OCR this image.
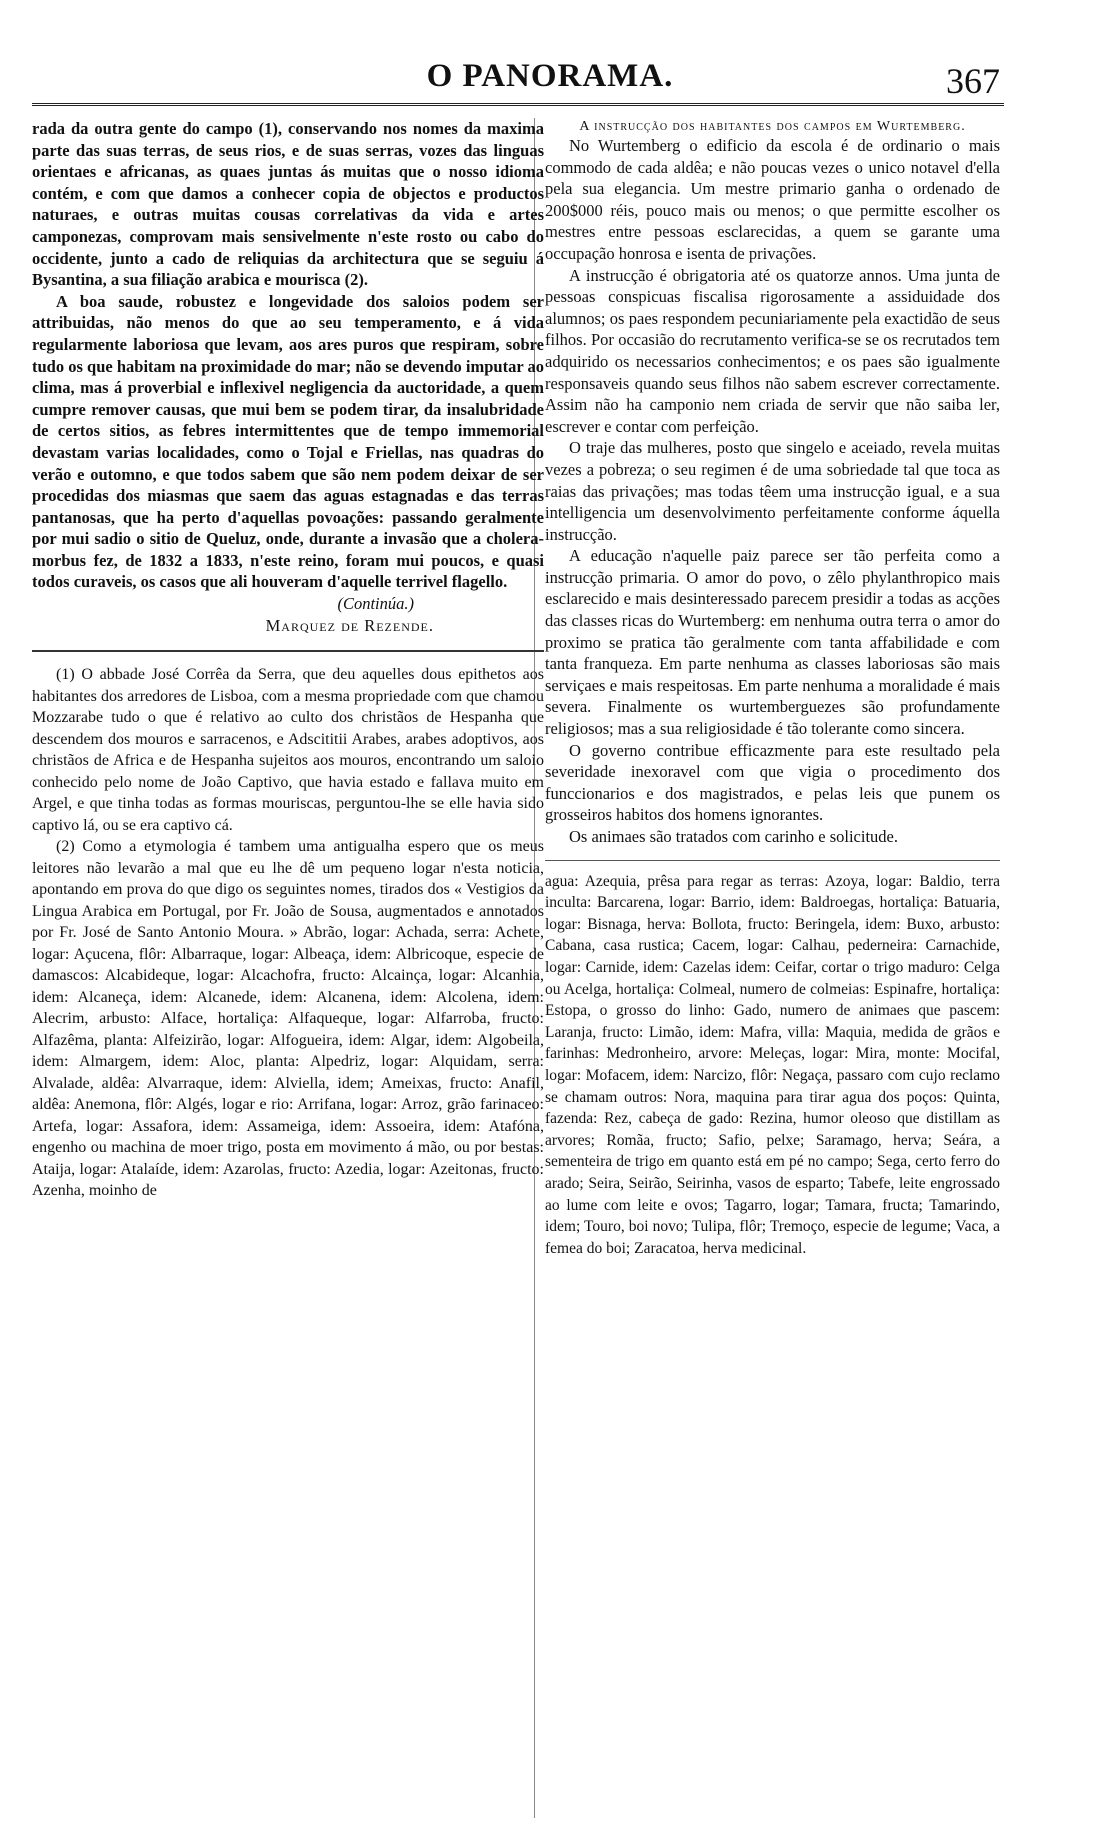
O PANORAMA.	367

rada da outra gente do campo (1), conservando nos nomes da maxima parte das suas terras, de seus rios, e de suas serras, vozes das linguas orientaes e africanas, as quaes juntas ás muitas que o nosso idioma contém, e com que damos a conhecer copia de objectos e productos naturaes, e outras muitas cousas correlativas da vida e artes camponezas, comprovam mais sensivelmente n'este rosto ou cabo do occidente, junto a cado de reliquias da architectura que se seguiu á Bysantina, a sua filiação arabica e mourisca (2).

A boa saude, robustez e longevidade dos saloios podem ser attribuidas, não menos do que ao seu temperamento, e á vida regularmente laboriosa que levam, aos ares puros que respiram, sobre tudo os que habitam na proximidade do mar; não se devendo imputar ao clima, mas á proverbial e inflexivel negligencia da auctoridade, a quem cumpre remover causas, que mui bem se podem tirar, da insalubridade de certos sitios, as febres intermittentes que de tempo immemorial devastam varias localidades, como o Tojal e Friellas, nas quadras do verão e outomno, e que todos sabem que são nem podem deixar de ser procedidas dos miasmas que saem das aguas estagnadas e das terras pantanosas, que ha perto d'aquellas povoações: passando geralmente por mui sadio o sitio de Queluz, onde, durante a invasão que a cholera-morbus fez, de 1832 a 1833, n'este reino, foram mui poucos, e quasi todos curaveis, os casos que ali houveram d'aquelle terrivel flagello.

(Continúa.)

Marquez de Rezende.

(1) O abbade José Corrêa da Serra, que deu aquelles dous epithetos aos habitantes dos arredores de Lisboa, com a mesma propriedade com que chamou Mozzarabe tudo o que é relativo ao culto dos christãos de Hespanha que descendem dos mouros e sarracenos, e Adscititii Arabes, arabes adoptivos, aos christãos de Africa e de Hespanha sujeitos aos mouros, encontrando um saloio conhecido pelo nome de João Captivo, que havia estado e fallava muito em Argel, e que tinha todas as formas mouriscas, perguntou-lhe se elle havia sido captivo lá, ou se era captivo cá.

(2) Como a etymologia é tambem uma antigualha espero que os meus leitores não levarão a mal que eu lhe dê um pequeno logar n'esta noticia, apontando em prova do que digo os seguintes nomes, tirados dos « Vestigios da Lingua Arabica em Portugal, por Fr. João de Sousa, augmentados e annotados por Fr. José de Santo Antonio Moura. » Abrão, logar: Achada, serra: Achete, logar: Açucena, flôr: Albarraque, logar: Albeaça, idem: Albricoque, especie de damascos: Alcabideque, logar: Alcachofra, fructo: Alcainça, logar: Alcanhia, idem: Alcaneça, idem: Alcanede, idem: Alcanena, idem: Alcolena, idem: Alecrim, arbusto: Alface, hortaliça: Alfaqueque, logar: Alfarroba, fructo: Alfazêma, planta: Alfeizirão, logar: Alfogueira, idem: Algar, idem: Algobeila, idem: Almargem, idem: Aloc, planta: Alpedriz, logar: Alquidam, serra: Alvalade, aldêa: Alvarraque, idem: Alviella, idem; Ameixas, fructo: Anafil, aldêa: Anemona, flôr: Algés, logar e rio: Arrifana, logar: Arroz, grão farinaceo: Artefa, logar: Assafora, idem: Assameiga, idem: Assoeira, idem: Atafóna, engenho ou machina de moer trigo, posta em movimento á mão, ou por bestas: Ataija, logar: Atalaíde, idem: Azarolas, fructo: Azedia, logar: Azeitonas, fructo: Azenha, moinho de

A instrucção dos habitantes dos campos em Wurtemberg.

No Wurtemberg o edificio da escola é de ordinario o mais commodo de cada aldêa; e não poucas vezes o unico notavel d'ella pela sua elegancia. Um mestre primario ganha o ordenado de 200$000 réis, pouco mais ou menos; o que permitte escolher os mestres entre pessoas esclarecidas, a quem se garante uma occupação honrosa e isenta de privações.

A instrucção é obrigatoria até os quatorze annos. Uma junta de pessoas conspicuas fiscalisa rigorosamente a assiduidade dos alumnos; os paes respondem pecuniariamente pela exactidão de seus filhos. Por occasião do recrutamento verifica-se se os recrutados tem adquirido os necessarios conhecimentos; e os paes são igualmente responsaveis quando seus filhos não sabem escrever correctamente. Assim não ha camponio nem criada de servir que não saiba ler, escrever e contar com perfeição.

O traje das mulheres, posto que singelo e aceiado, revela muitas vezes a pobreza; o seu regimen é de uma sobriedade tal que toca as raias das privações; mas todas têem uma instrucção igual, e a sua intelligencia um desenvolvimento perfeitamente conforme áquella instrucção.

A educação n'aquelle paiz parece ser tão perfeita como a instrucção primaria. O amor do povo, o zêlo phylanthropico mais esclarecido e mais desinteressado parecem presidir a todas as acções das classes ricas do Wurtemberg: em nenhuma outra terra o amor do proximo se pratica tão geralmente com tanta affabilidade e com tanta franqueza. Em parte nenhuma as classes laboriosas são mais serviçaes e mais respeitosas. Em parte nenhuma a moralidade é mais severa. Finalmente os wurtemberguezes são profundamente religiosos; mas a sua religiosidade é tão tolerante como sincera.

O governo contribue efficazmente para este resultado pela severidade inexoravel com que vigia o procedimento dos funccionarios e dos magistrados, e pelas leis que punem os grosseiros habitos dos homens ignorantes.

Os animaes são tratados com carinho e solicitude.

agua: Azequia, prêsa para regar as terras: Azoya, logar: Baldio, terra inculta: Barcarena, logar: Barrio, idem: Baldroegas, hortaliça: Batuaria, logar: Bisnaga, herva: Bollota, fructo: Beringela, idem: Buxo, arbusto: Cabana, casa rustica; Cacem, logar: Calhau, pederneira: Carnachide, logar: Carnide, idem: Cazelas idem: Ceifar, cortar o trigo maduro: Celga ou Acelga, hortaliça: Colmeal, numero de colmeias: Espinafre, hortaliça: Estopa, o grosso do linho: Gado, numero de animaes que pascem: Laranja, fructo: Limão, idem: Mafra, villa: Maquia, medida de grãos e farinhas: Medronheiro, arvore: Meleças, logar: Mira, monte: Mocifal, logar: Mofacem, idem: Narcizo, flôr: Negaça, passaro com cujo reclamo se chamam outros: Nora, maquina para tirar agua dos poços: Quinta, fazenda: Rez, cabeça de gado: Rezina, humor oleoso que distillam as arvores; Romãa, fructo; Safio, pelxe; Saramago, herva; Seára, a sementeira de trigo em quanto está em pé no campo; Sega, certo ferro do arado; Seira, Seirão, Seirinha, vasos de esparto; Tabefe, leite engrossado ao lume com leite e ovos; Tagarro, logar; Tamara, fructa; Tamarindo, idem; Touro, boi novo; Tulipa, flôr; Tremoço, especie de legume; Vaca, a femea do boi; Zaracatoa, herva medicinal.
